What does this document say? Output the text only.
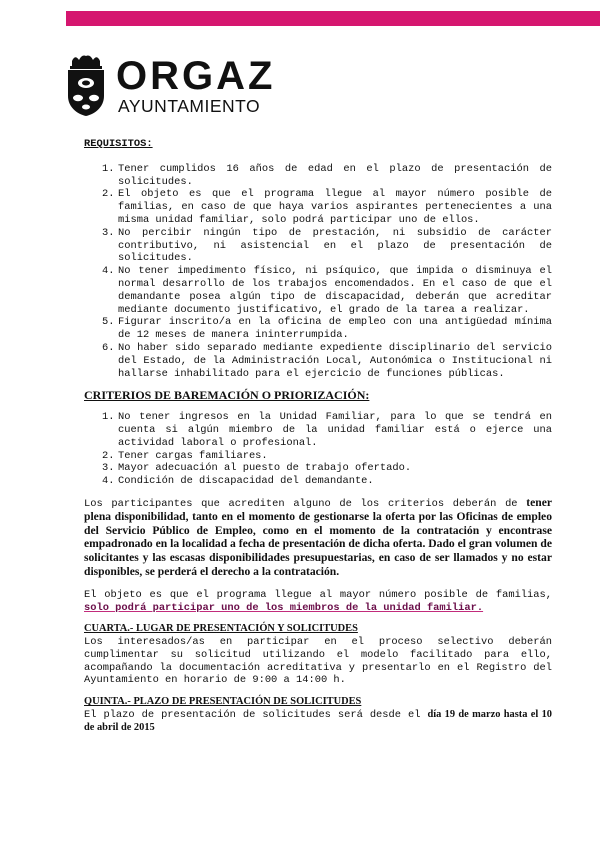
ORGAZ
AYUNTAMIENTO
REQUISITOS:
1. Tener cumplidos 16 años de edad en el plazo de presentación de solicitudes.
2. El objeto es que el programa llegue al mayor número posible de familias, en caso de que haya varios aspirantes pertenecientes a una misma unidad familiar, solo podrá participar uno de ellos.
3. No percibir ningún tipo de prestación, ni subsidio de carácter contributivo, ni asistencial en el plazo de presentación de solicitudes.
4. No tener impedimento físico, ni psíquico, que impida o disminuya el normal desarrollo de los trabajos encomendados. En el caso de que el demandante posea algún tipo de discapacidad, deberán que acreditar mediante documento justificativo, el grado de la tarea a realizar.
5. Figurar inscrito/a en la oficina de empleo con una antigüedad mínima de 12 meses de manera ininterrumpida.
6. No haber sido separado mediante expediente disciplinario del servicio del Estado, de la Administración Local, Autonómica o Institucional ni hallarse inhabilitado para el ejercicio de funciones públicas.
CRITERIOS DE BAREMACIÓN O PRIORIZACIÓN:
1. No tener ingresos en la Unidad Familiar, para lo que se tendrá en cuenta si algún miembro de la unidad familiar está o ejerce una actividad laboral o profesional.
2. Tener cargas familiares.
3. Mayor adecuación al puesto de trabajo ofertado.
4. Condición de discapacidad del demandante.

Los participantes que acrediten alguno de los criterios deberán de tener plena disponibilidad, tanto en el momento de gestionarse la oferta por las Oficinas de empleo del Servicio Público de Empleo, como en el momento de la contratación y encontrase empadronado en la localidad a fecha de presentación de dicha oferta. Dado el gran volumen de solicitantes y las escasas disponibilidades presupuestarias, en caso de ser llamados y no estar disponibles, se perderá el derecho a la contratación.

El objeto es que el programa llegue al mayor número posible de familias, solo podrá participar uno de los miembros de la unidad familiar.

CUARTA.- LUGAR DE PRESENTACIÓN Y SOLICITUDES

Los interesados/as en participar en el proceso selectivo deberán cumplimentar su solicitud utilizando el modelo facilitado para ello, acompañando la documentación acreditativa y presentarlo en el Registro del Ayuntamiento en horario de 9:00 a 14:00 h.

QUINTA.- PLAZO DE PRESENTACIÓN DE SOLICITUDES

El plazo de presentación de solicitudes será desde el día 19 de marzo hasta el 10 de abril de 2015
